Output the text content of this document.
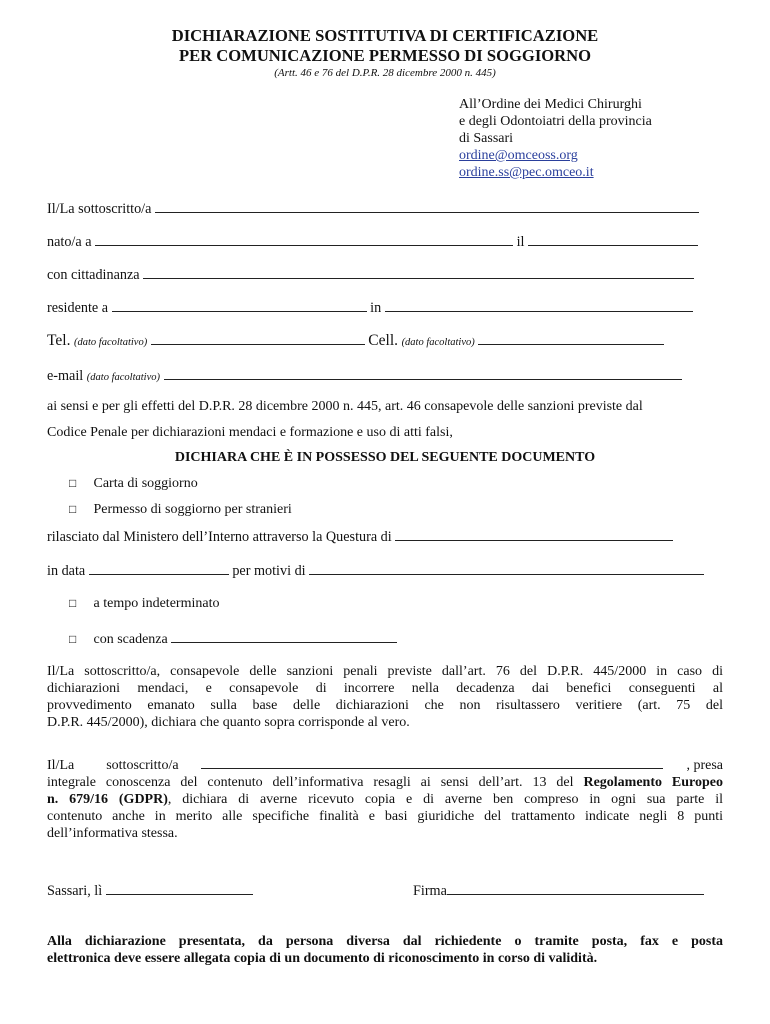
DICHIARAZIONE SOSTITUTIVA DI CERTIFICAZIONE
PER COMUNICAZIONE PERMESSO DI SOGGIORNO
(Artt. 46 e 76 del D.P.R. 28 dicembre 2000 n. 445)
All’Ordine dei Medici Chirurghi
e degli Odontoiatri della provincia
di Sassari
ordine@omceoss.org
ordine.ss@pec.omceo.it
Il/La sottoscritto/a
nato/a a	il
con cittadinanza
residente a	in
Tel. (dato facoltativo)	Cell. (dato facoltativo)
e-mail (dato facoltativo)
ai sensi e per gli effetti del D.P.R. 28 dicembre 2000 n. 445, art. 46 consapevole delle sanzioni previste dal
Codice Penale per dichiarazioni mendaci e formazione e uso di atti falsi,
DICHIARA CHE È IN POSSESSO DEL SEGUENTE DOCUMENTO
□ Carta di soggiorno
□ Permesso di soggiorno per stranieri
rilasciato dal Ministero dell’Interno attraverso la Questura di
in data	per motivi di
□ a tempo indeterminato
□ con scadenza
Il/La sottoscritto/a, consapevole delle sanzioni penali previste dall’art. 76 del D.P.R. 445/2000 in caso di
dichiarazioni mendaci, e consapevole di incorrere nella decadenza dai benefici conseguenti al
provvedimento emanato sulla base delle dichiarazioni che non risultassero veritiere (art. 75 del
D.P.R. 445/2000), dichiara che quanto sopra corrisponde al vero.
Il/La sottoscritto/a	, presa
integrale conoscenza del contenuto dell’informativa resagli ai sensi dell’art. 13 del Regolamento Europeo
n. 679/16 (GDPR), dichiara di averne ricevuto copia e di averne ben compreso in ogni sua parte il
contenuto anche in merito alle specifiche finalità e basi giuridiche del trattamento indicate negli 8 punti
dell’informativa stessa.
Sassari, lì	Firma
Alla dichiarazione presentata, da persona diversa dal richiedente o tramite posta, fax e posta
elettronica deve essere allegata copia di un documento di riconoscimento in corso di validità.
